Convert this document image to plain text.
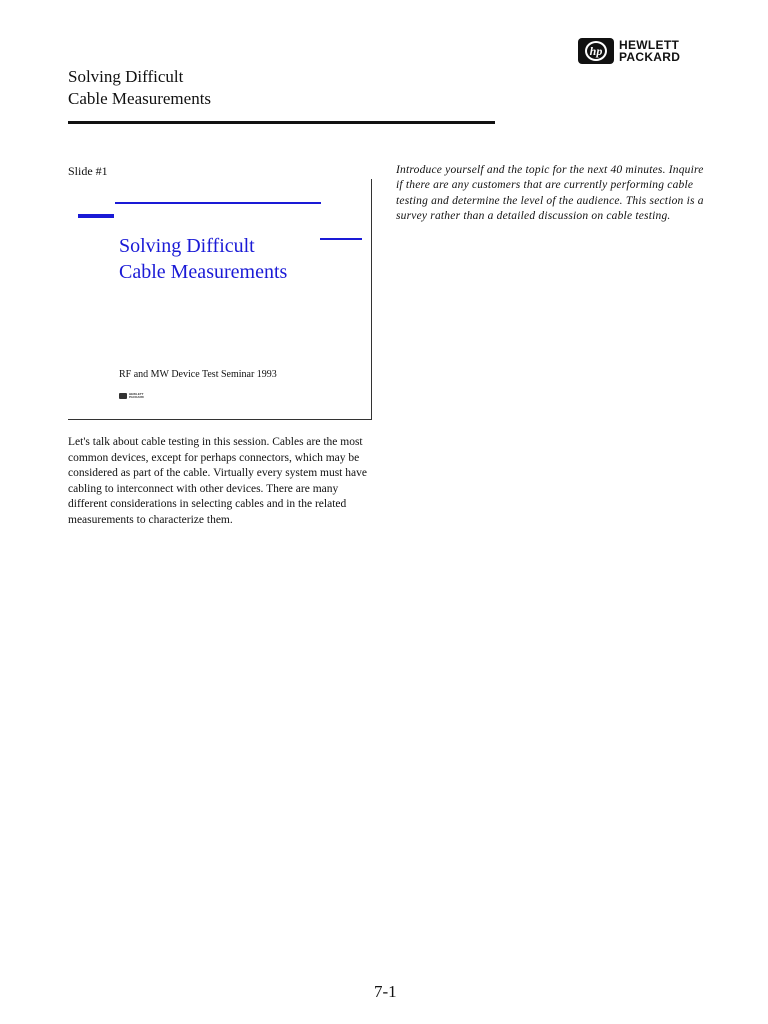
hp	HEWLETT
PACKARD
Solving Difficult
Cable Measurements
Slide #1
Solving Difficult
Cable Measurements
RF and MW Device Test Seminar 1993
HEWLETT
PACKARD
Let's talk about cable testing in this session. Cables are the most common devices, except for perhaps connectors, which may be considered as part of the cable. Virtually every system must have cabling to interconnect with other devices. There are many different considerations in selecting cables and in the related measurements to characterize them.
Introduce yourself and the topic for the next 40 minutes. Inquire if there are any customers that are currently performing cable testing and determine the level of the audience. This section is a survey rather than a detailed discussion on cable testing.
7-1
